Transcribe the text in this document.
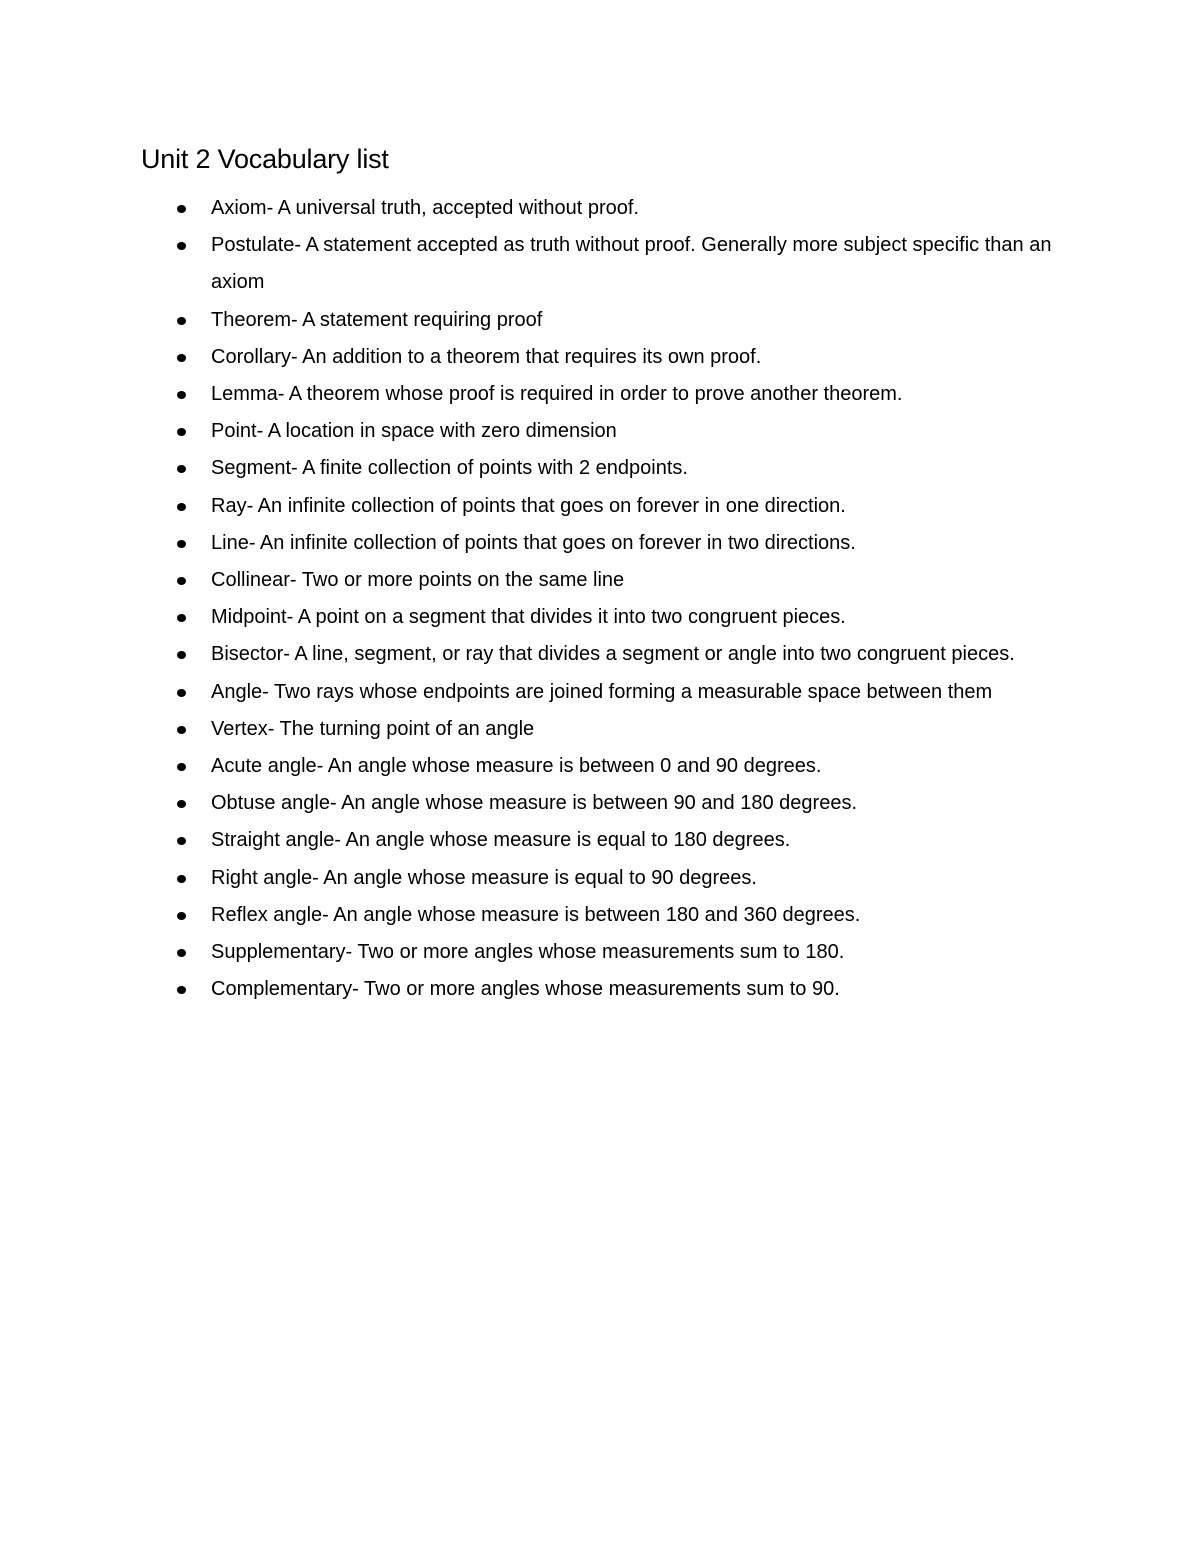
Unit 2 Vocabulary list
Axiom- A universal truth, accepted without proof.
Postulate- A statement accepted as truth without proof. Generally more subject specific than an axiom
Theorem- A statement requiring proof
Corollary- An addition to a theorem that requires its own proof.
Lemma- A theorem whose proof is required in order to prove another theorem.
Point- A location in space with zero dimension
Segment- A finite collection of points with 2 endpoints.
Ray- An infinite collection of points that goes on forever in one direction.
Line- An infinite collection of points that goes on forever in two directions.
Collinear- Two or more points on the same line
Midpoint- A point on a segment that divides it into two congruent pieces.
Bisector- A line, segment, or ray that divides a segment or angle into two congruent pieces.
Angle- Two rays whose endpoints are joined forming a measurable space between them
Vertex- The turning point of an angle
Acute angle- An angle whose measure is between 0 and 90 degrees.
Obtuse angle- An angle whose measure is between 90 and 180 degrees.
Straight angle- An angle whose measure is equal to 180 degrees.
Right angle- An angle whose measure is equal to 90 degrees.
Reflex angle- An angle whose measure is between 180 and 360 degrees.
Supplementary- Two or more angles whose measurements sum to 180.
Complementary- Two or more angles whose measurements sum to 90.
